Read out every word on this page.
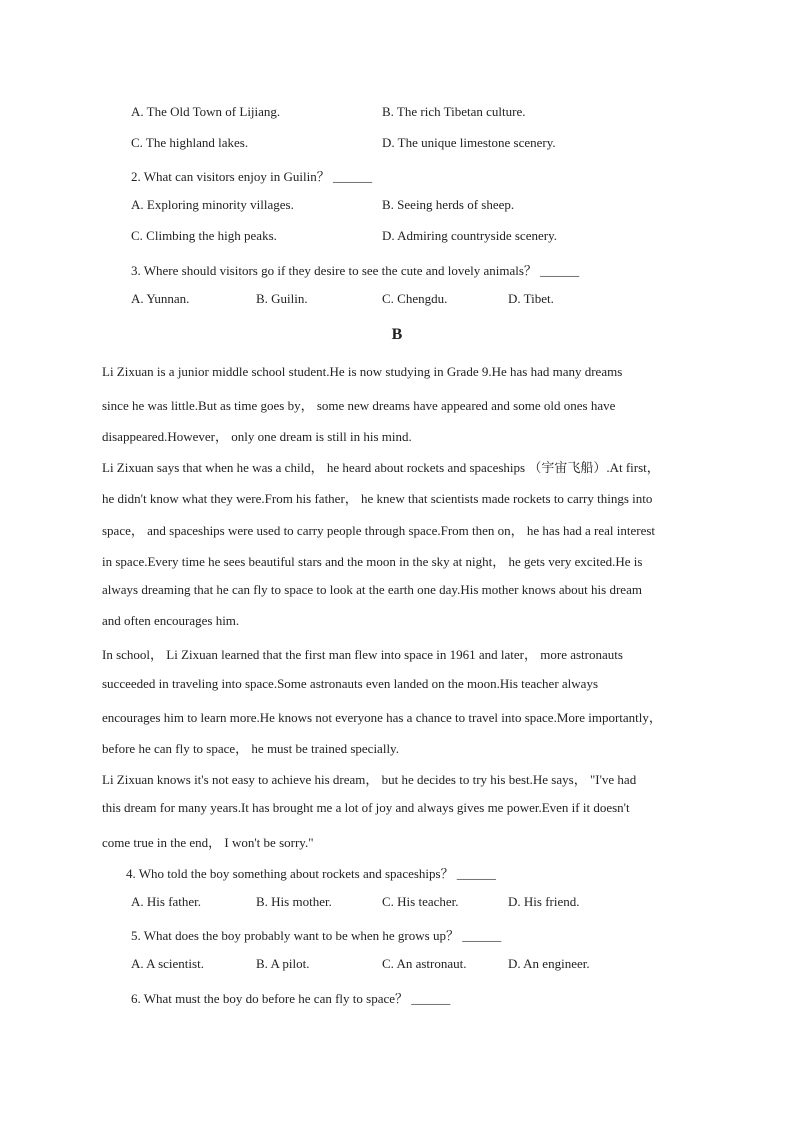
A. The Old Town of Lijiang.	B. The rich Tibetan culture.
C. The highland lakes.	D. The unique limestone scenery.
2. What can visitors enjoy in Guilin？ ______
A. Exploring minority villages.	B. Seeing herds of sheep.
C. Climbing the high peaks.	D. Admiring countryside scenery.
3. Where should visitors go if they desire to see the cute and lovely animals？ ______
A. Yunnan.	B. Guilin.	C. Chengdu.	D. Tibet.
B
Li Zixuan is a junior middle school student.He is now studying in Grade 9.He has had many dreams
since he was little.But as time goes by， some new dreams have appeared and some old ones have
disappeared.However， only one dream is still in his mind.
Li Zixuan says that when he was a child， he heard about rockets and spaceships （宇宙飞船）.At first，
he didn't know what they were.From his father， he knew that scientists made rockets to carry things into
space， and spaceships were used to carry people through space.From then on， he has had a real interest
in space.Every time he sees beautiful stars and the moon in the sky at night， he gets very excited.He is
always dreaming that he can fly to space to look at the earth one day.His mother knows about his dream
and often encourages him.
In school， Li Zixuan learned that the first man flew into space in 1961 and later， more astronauts
succeeded in traveling into space.Some astronauts even landed on the moon.His teacher always
encourages him to learn more.He knows not everyone has a chance to travel into space.More importantly，
before he can fly to space， he must be trained specially.
Li Zixuan knows it's not easy to achieve his dream， but he decides to try his best.He says， "I've had
this dream for many years.It has brought me a lot of joy and always gives me power.Even if it doesn't
come true in the end， I won't be sorry."
4. Who told the boy something about rockets and spaceships？ ______
A. His father.	B. His mother.	C. His teacher.	D. His friend.
5. What does the boy probably want to be when he grows up？ ______
A. A scientist.	B. A pilot.	C. An astronaut.	D. An engineer.
6. What must the boy do before he can fly to space？ ______
